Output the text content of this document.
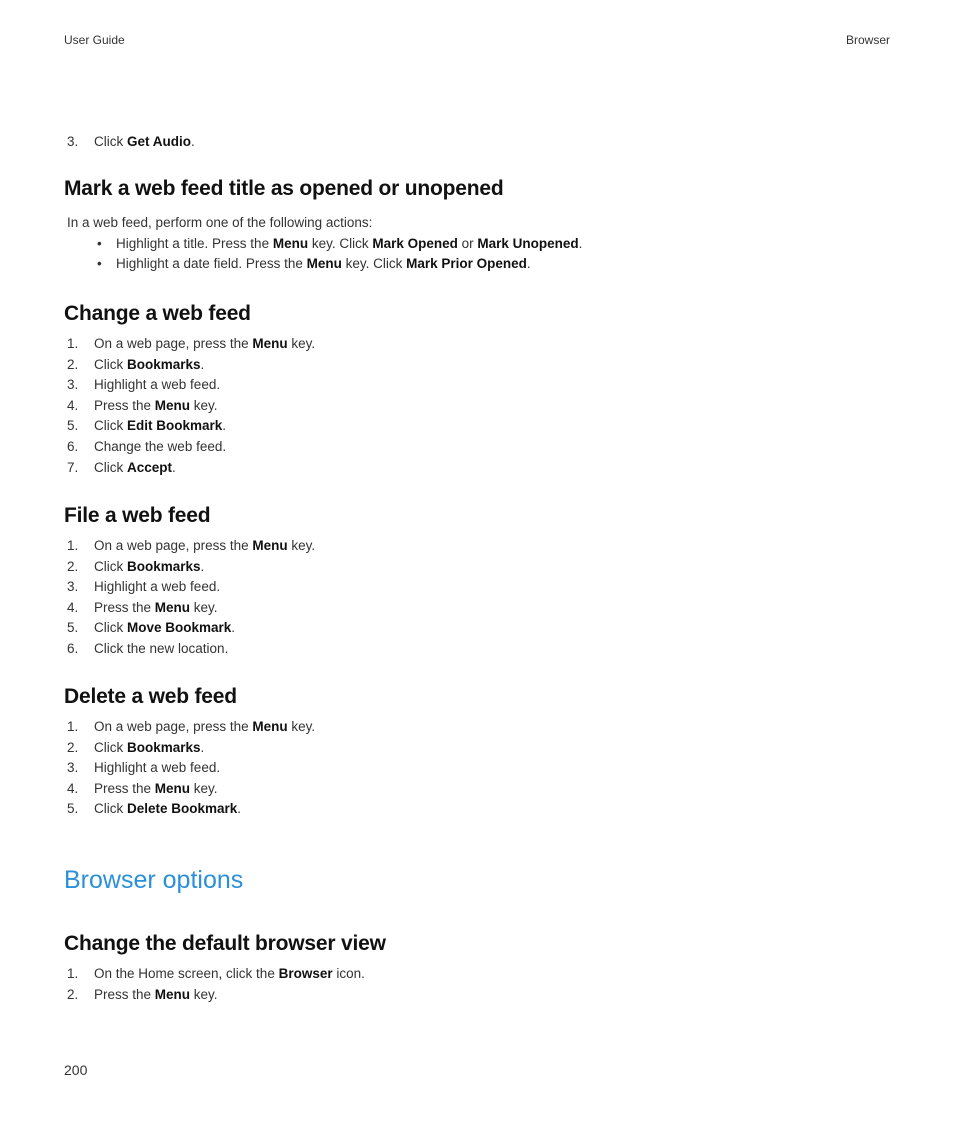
User Guide	Browser
3. Click Get Audio.
Mark a web feed title as opened or unopened
In a web feed, perform one of the following actions:
• Highlight a title. Press the Menu key. Click Mark Opened or Mark Unopened.
• Highlight a date field. Press the Menu key. Click Mark Prior Opened.
Change a web feed
1. On a web page, press the Menu key.
2. Click Bookmarks.
3. Highlight a web feed.
4. Press the Menu key.
5. Click Edit Bookmark.
6. Change the web feed.
7. Click Accept.
File a web feed
1. On a web page, press the Menu key.
2. Click Bookmarks.
3. Highlight a web feed.
4. Press the Menu key.
5. Click Move Bookmark.
6. Click the new location.
Delete a web feed
1. On a web page, press the Menu key.
2. Click Bookmarks.
3. Highlight a web feed.
4. Press the Menu key.
5. Click Delete Bookmark.
Browser options
Change the default browser view
1. On the Home screen, click the Browser icon.
2. Press the Menu key.
200
